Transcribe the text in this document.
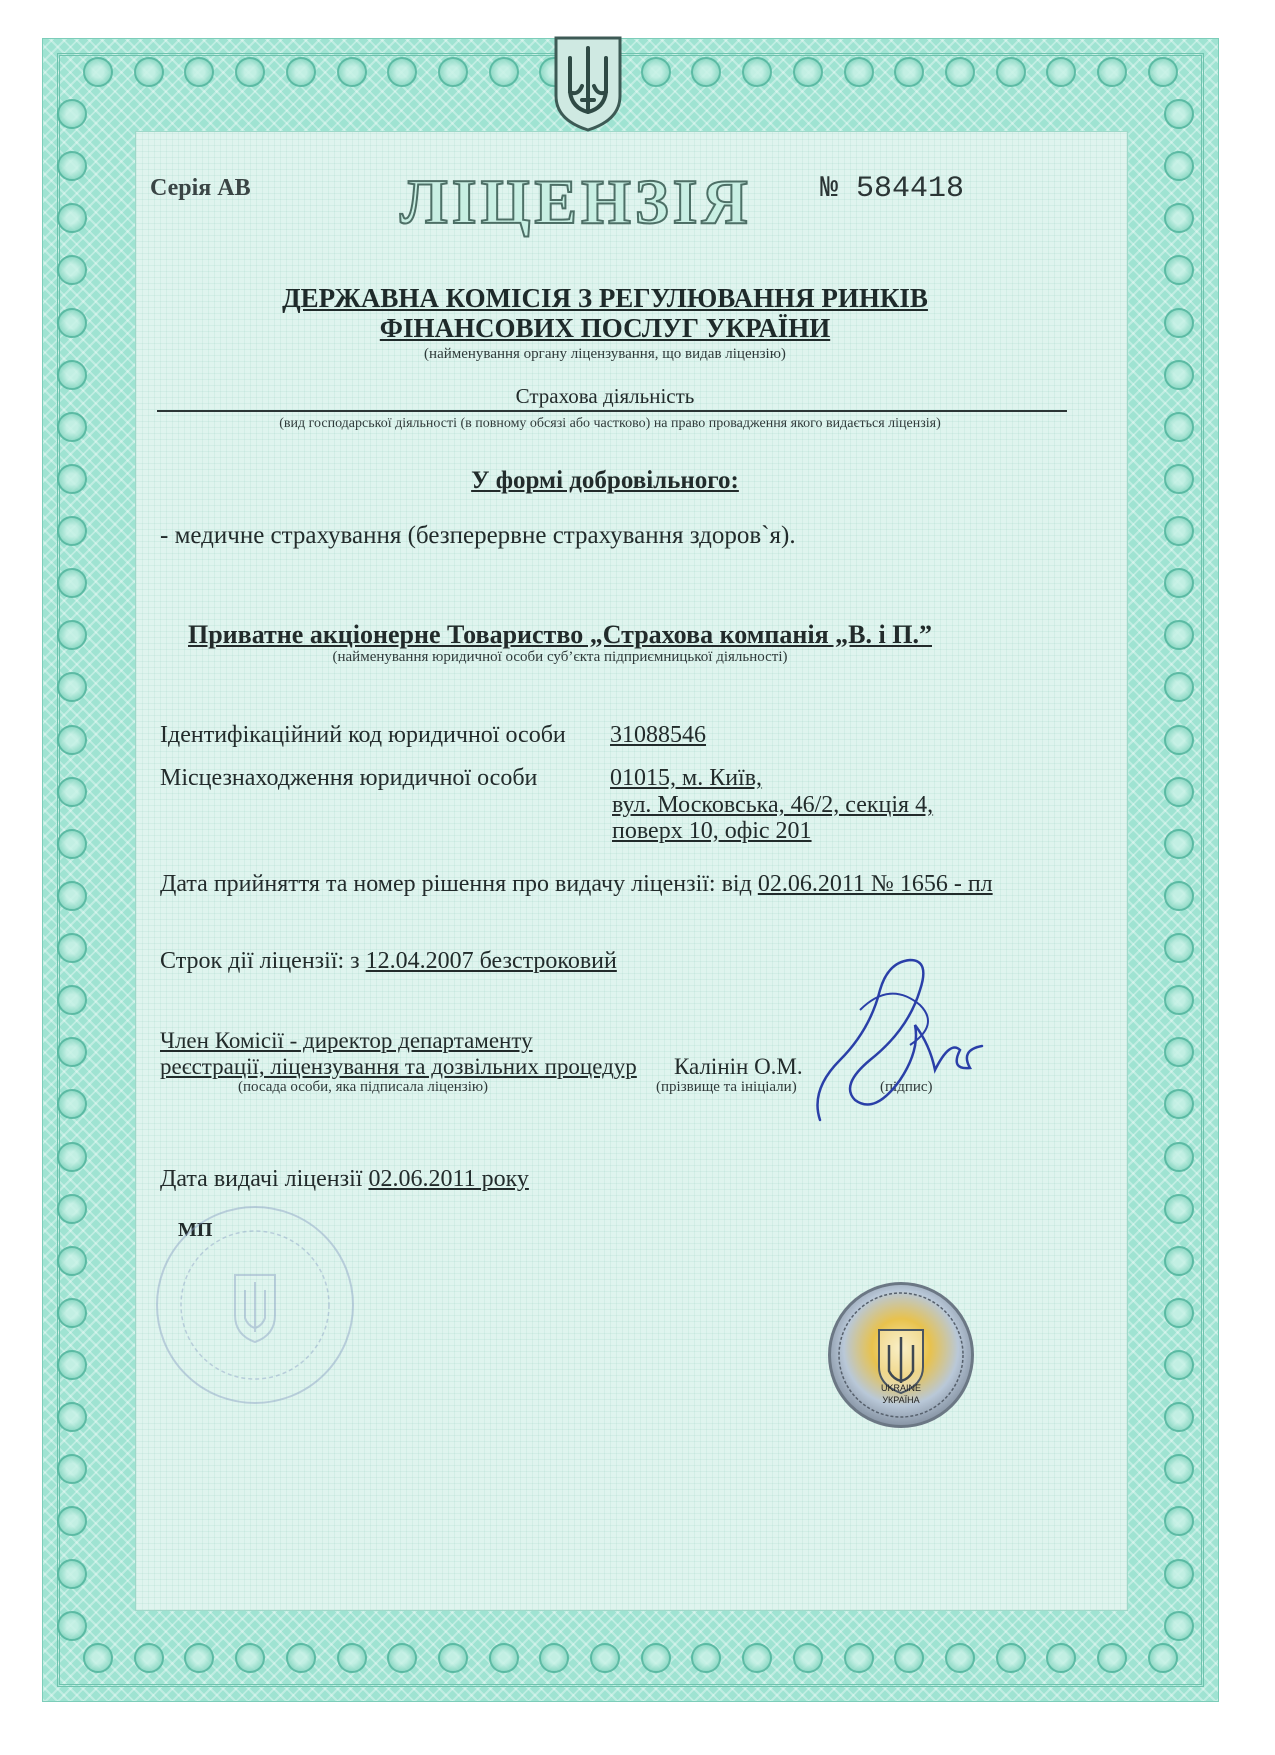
Серія АВ ЛІЦЕНЗІЯ № 584418
ДЕРЖАВНА КОМІСІЯ З РЕГУЛЮВАННЯ РИНКІВ
ФІНАНСОВИХ ПОСЛУГ УКРАЇНИ
(найменування органу ліцензування, що видав ліцензію)
Страхова діяльність
(вид господарської діяльності (в повному обсязі або частково) на право провадження якого видається ліцензія)
У формі добровільного:
- медичне страхування (безперервне страхування здоров`я).
Приватне акціонерне Товариство „Страхова компанія „В. і П.”
(найменування юридичної особи суб’єкта підприємницької діяльності)
Ідентифікаційний код юридичної особи 31088546
Місцезнаходження юридичної особи	01015, м. Київ,
вул. Московська, 46/2, секція 4,
поверх 10, офіс 201
Дата прийняття та номер рішення про видачу ліцензії: від 02.06.2011 № 1656 - пл
Строк дії ліцензії: з 12.04.2007 безстроковий
Член Комісії - директор департаменту
реєстрації, ліцензування та дозвільних процедур
(посада особи, яка підписала ліцензію)
Калінін О.М.
(прізвище та ініціали)	(підпис)
Дата видачі ліцензії 02.06.2011 року
МП
UKRAINE
УКРАЇНА
